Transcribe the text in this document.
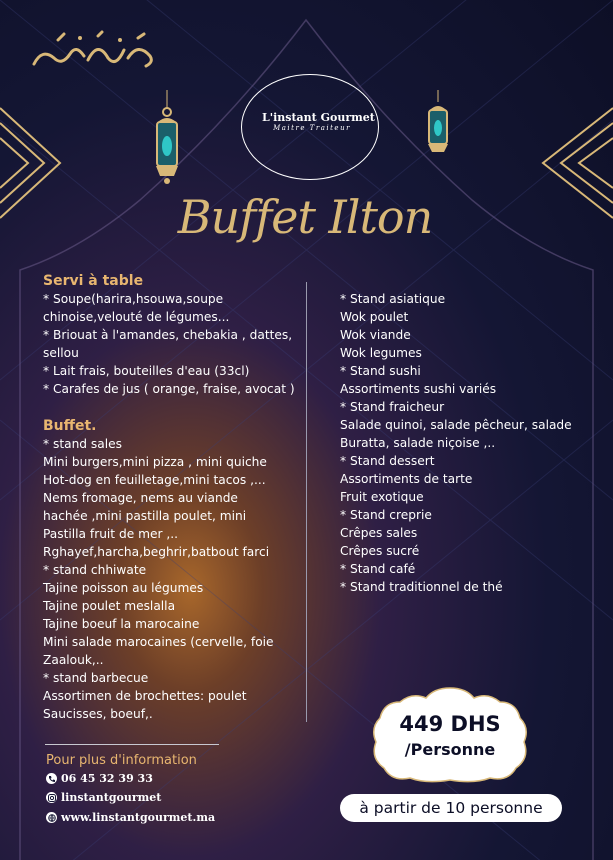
L'instant Gourmet
Maitre Traiteur
Buffet Ilton
Servi à table
* Soupe(harira,hsouwa,soupe
chinoise,velouté de légumes...
* Briouat à l'amandes, chebakia , dattes,
sellou
* Lait frais, bouteilles d'eau (33cl)
* Carafes de jus ( orange, fraise, avocat )
Buffet.
* stand sales
Mini burgers,mini pizza , mini quiche
Hot-dog en feuilletage,mini tacos ,...
Nems fromage, nems au viande
hachée ,mini pastilla poulet, mini
Pastilla fruit de mer ,..
Rghayef,harcha,beghrir,batbout farci
* stand chhiwate
Tajine poisson au légumes
Tajine poulet meslalla
Tajine boeuf la marocaine
Mini salade marocaines (cervelle, foie
Zaalouk,..
* stand barbecue
Assortimen de brochettes: poulet
Saucisses, boeuf,.
* Stand asiatique
Wok poulet
Wok viande
Wok legumes
* Stand sushi
Assortiments sushi variés
* Stand fraicheur
Salade quinoi, salade pêcheur, salade
Buratta, salade niçoise ,..
* Stand dessert
Assortiments de tarte
Fruit exotique
* Stand creprie
Crêpes sales
Crêpes sucré
* Stand café
* Stand traditionnel de thé
Pour plus d'information
06 45 32 39 33
linstantgourmet
www.linstantgourmet.ma
449 DHS
/Personne
à partir de 10 personne
